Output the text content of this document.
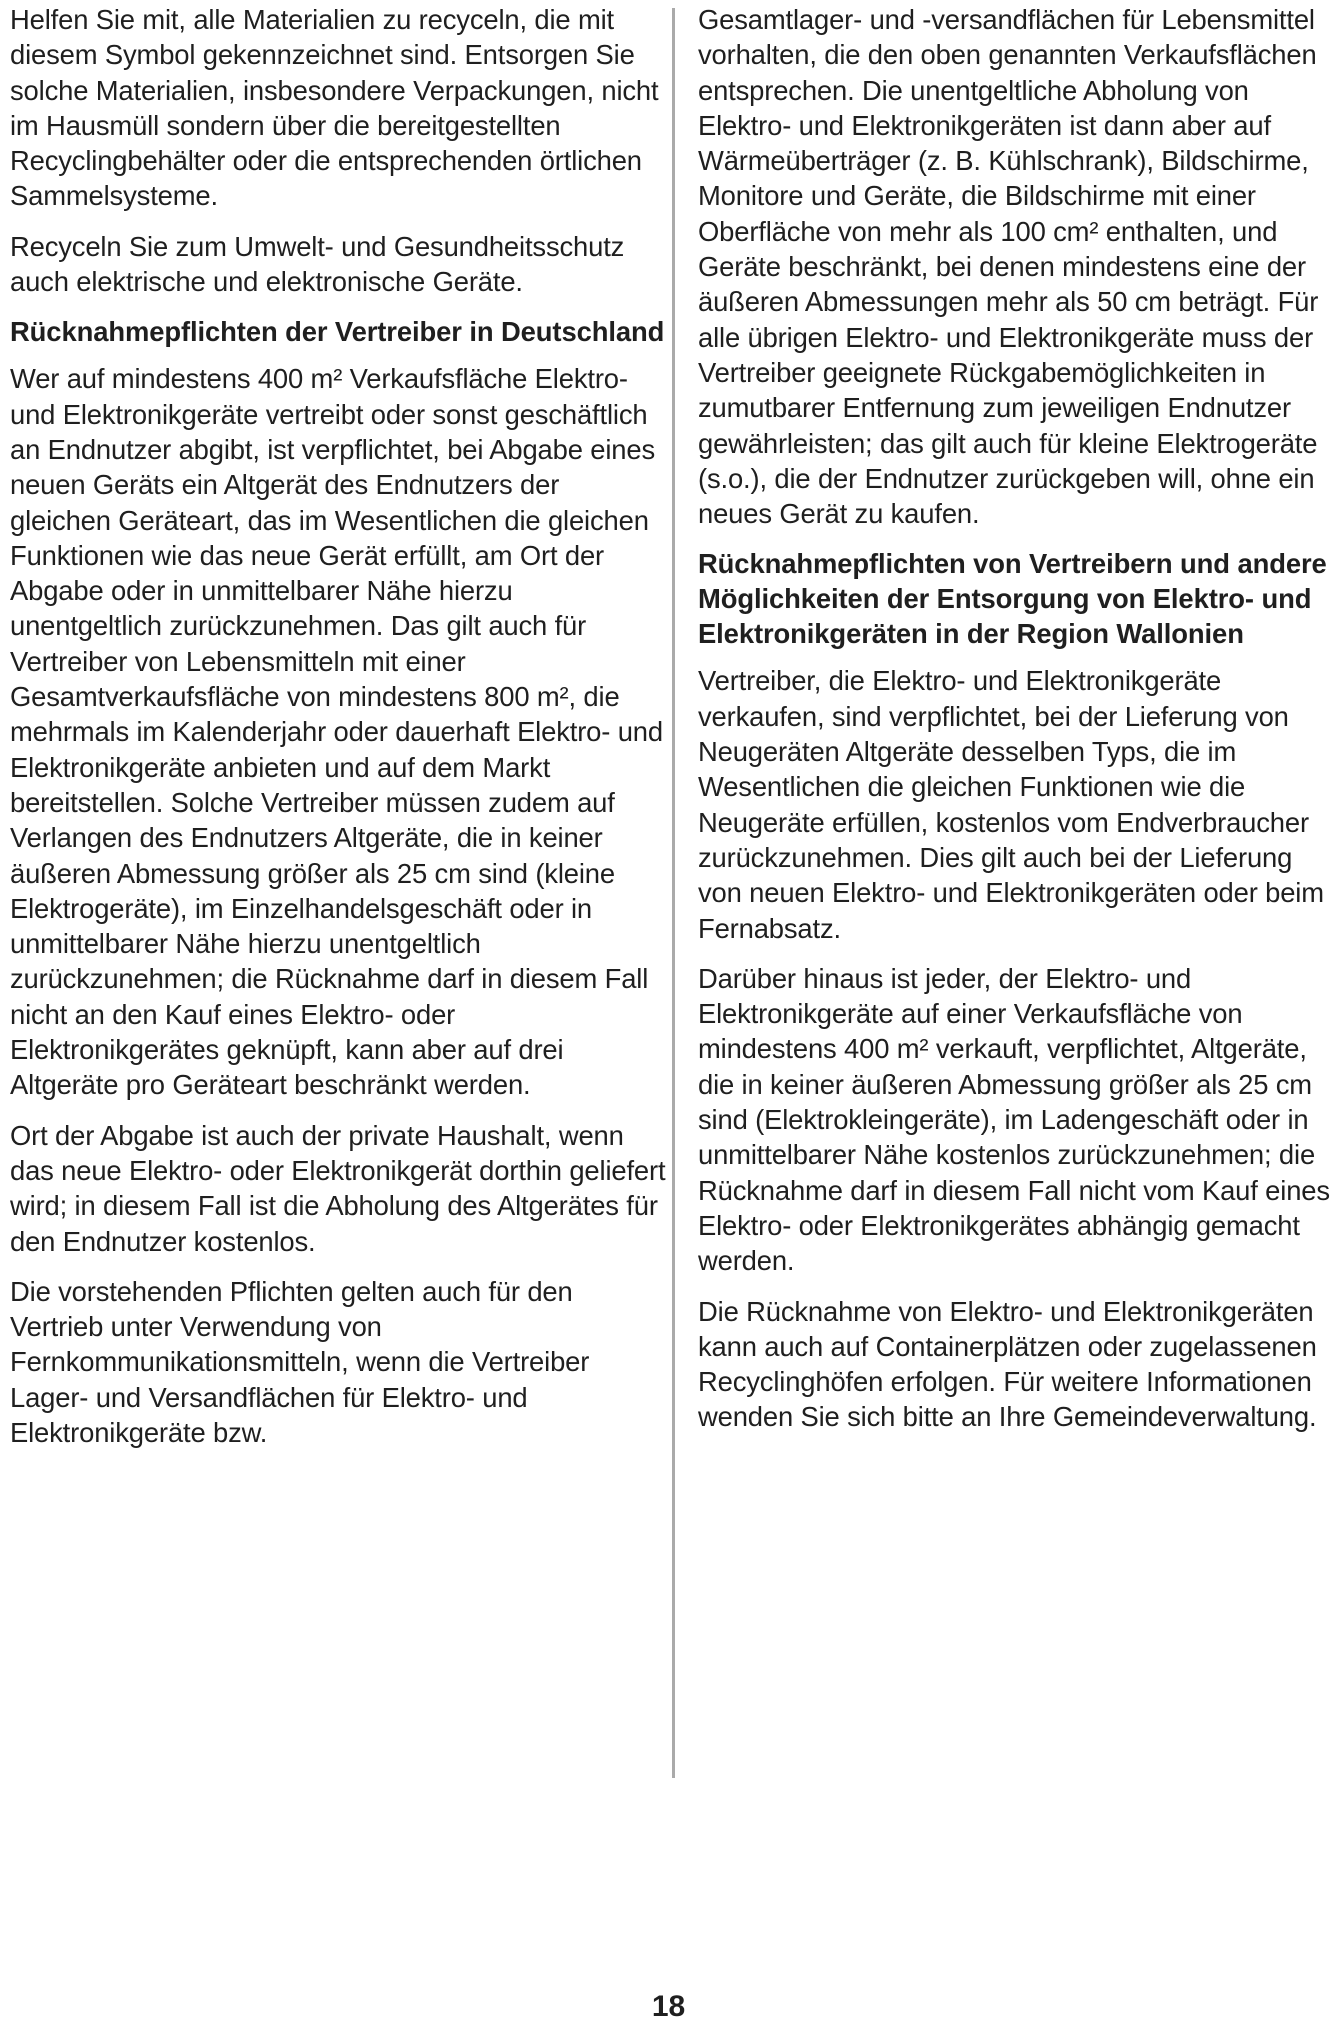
Helfen Sie mit, alle Materialien zu recyceln, die mit diesem Symbol gekennzeichnet sind. Entsorgen Sie solche Materialien, insbesondere Verpackungen, nicht im Hausmüll sondern über die bereitgestellten Recyclingbehälter oder die entsprechenden örtlichen Sammelsysteme.

Recyceln Sie zum Umwelt- und Gesundheitsschutz auch elektrische und elektronische Geräte.

Rücknahmepflichten der Vertreiber in Deutschland

Wer auf mindestens 400 m² Verkaufsfläche Elektro- und Elektronikgeräte vertreibt oder sonst geschäftlich an Endnutzer abgibt, ist verpflichtet, bei Abgabe eines neuen Geräts ein Altgerät des Endnutzers der gleichen Geräteart, das im Wesentlichen die gleichen Funktionen wie das neue Gerät erfüllt, am Ort der Abgabe oder in unmittelbarer Nähe hierzu unentgeltlich zurückzunehmen. Das gilt auch für Vertreiber von Lebensmitteln mit einer Gesamtverkaufsfläche von mindestens 800 m², die mehrmals im Kalenderjahr oder dauerhaft Elektro- und Elektronikgeräte anbieten und auf dem Markt bereitstellen. Solche Vertreiber müssen zudem auf Verlangen des Endnutzers Altgeräte, die in keiner äußeren Abmessung größer als 25 cm sind (kleine Elektrogeräte), im Einzelhandelsgeschäft oder in unmittelbarer Nähe hierzu unentgeltlich zurückzunehmen; die Rücknahme darf in diesem Fall nicht an den Kauf eines Elektro- oder Elektronikgerätes geknüpft, kann aber auf drei Altgeräte pro Geräteart beschränkt werden.

Ort der Abgabe ist auch der private Haushalt, wenn das neue Elektro- oder Elektronikgerät dorthin geliefert wird; in diesem Fall ist die Abholung des Altgerätes für den Endnutzer kostenlos.

Die vorstehenden Pflichten gelten auch für den Vertrieb unter Verwendung von Fernkommunikationsmitteln, wenn die Vertreiber Lager- und Versandflächen für Elektro- und Elektronikgeräte bzw.

Gesamtlager- und -versandflächen für Lebensmittel vorhalten, die den oben genannten Verkaufsflächen entsprechen. Die unentgeltliche Abholung von Elektro- und Elektronikgeräten ist dann aber auf Wärmeüberträger (z. B. Kühlschrank), Bildschirme, Monitore und Geräte, die Bildschirme mit einer Oberfläche von mehr als 100 cm² enthalten, und Geräte beschränkt, bei denen mindestens eine der äußeren Abmessungen mehr als 50 cm beträgt. Für alle übrigen Elektro- und Elektronikgeräte muss der Vertreiber geeignete Rückgabemöglichkeiten in zumutbarer Entfernung zum jeweiligen Endnutzer gewährleisten; das gilt auch für kleine Elektrogeräte (s.o.), die der Endnutzer zurückgeben will, ohne ein neues Gerät zu kaufen.

Rücknahmepflichten von Vertreibern und andere Möglichkeiten der Entsorgung von Elektro- und Elektronikgeräten in der Region Wallonien

Vertreiber, die Elektro- und Elektronikgeräte verkaufen, sind verpflichtet, bei der Lieferung von Neugeräten Altgeräte desselben Typs, die im Wesentlichen die gleichen Funktionen wie die Neugeräte erfüllen, kostenlos vom Endverbraucher zurückzunehmen. Dies gilt auch bei der Lieferung von neuen Elektro- und Elektronikgeräten oder beim Fernabsatz.

Darüber hinaus ist jeder, der Elektro- und Elektronikgeräte auf einer Verkaufsfläche von mindestens 400 m² verkauft, verpflichtet, Altgeräte, die in keiner äußeren Abmessung größer als 25 cm sind (Elektrokleingeräte), im Ladengeschäft oder in unmittelbarer Nähe kostenlos zurückzunehmen; die Rücknahme darf in diesem Fall nicht vom Kauf eines Elektro- oder Elektronikgerätes abhängig gemacht werden.

Die Rücknahme von Elektro- und Elektronikgeräten kann auch auf Containerplätzen oder zugelassenen Recyclinghöfen erfolgen. Für weitere Informationen wenden Sie sich bitte an Ihre Gemeindeverwaltung.

18
